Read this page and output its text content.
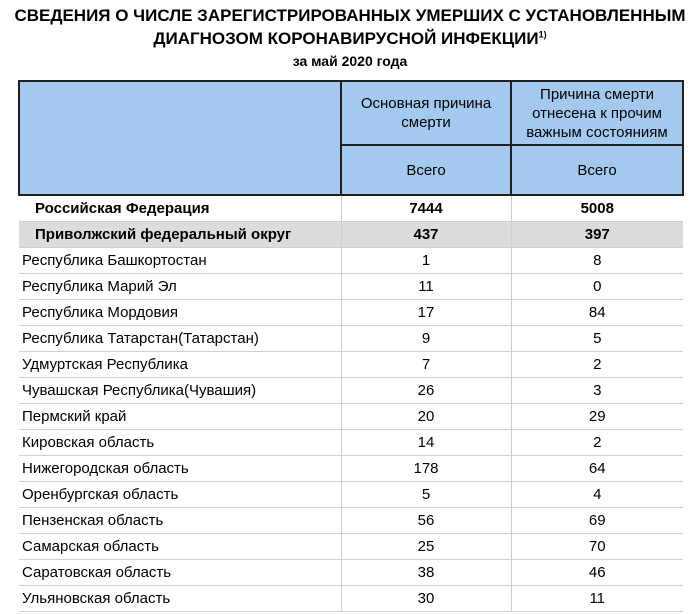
СВЕДЕНИЯ О ЧИСЛЕ ЗАРЕГИСТРИРОВАННЫХ УМЕРШИХ С УСТАНОВЛЕННЫМ
ДИАГНОЗОМ КОРОНАВИРУСНОЙ ИНФЕКЦИИ$^{1)}$
за май 2020 года
	Основная причина смерти	Причина смерти отнесена к прочим важным состояниям
	Всего	Всего
Российская Федерация	7444	5008
Приволжский федеральный округ	437	397
Республика Башкортостан	1	8
Республика Марий Эл	11	0
Республика Мордовия	17	84
Республика Татарстан(Татарстан)	9	5
Удмуртская Республика	7	2
Чувашская Республика(Чувашия)	26	3
Пермский край	20	29
Кировская область	14	2
Нижегородская область	178	64
Оренбургская область	5	4
Пензенская область	56	69
Самарская область	25	70
Саратовская область	38	46
Ульяновская область	30	11
